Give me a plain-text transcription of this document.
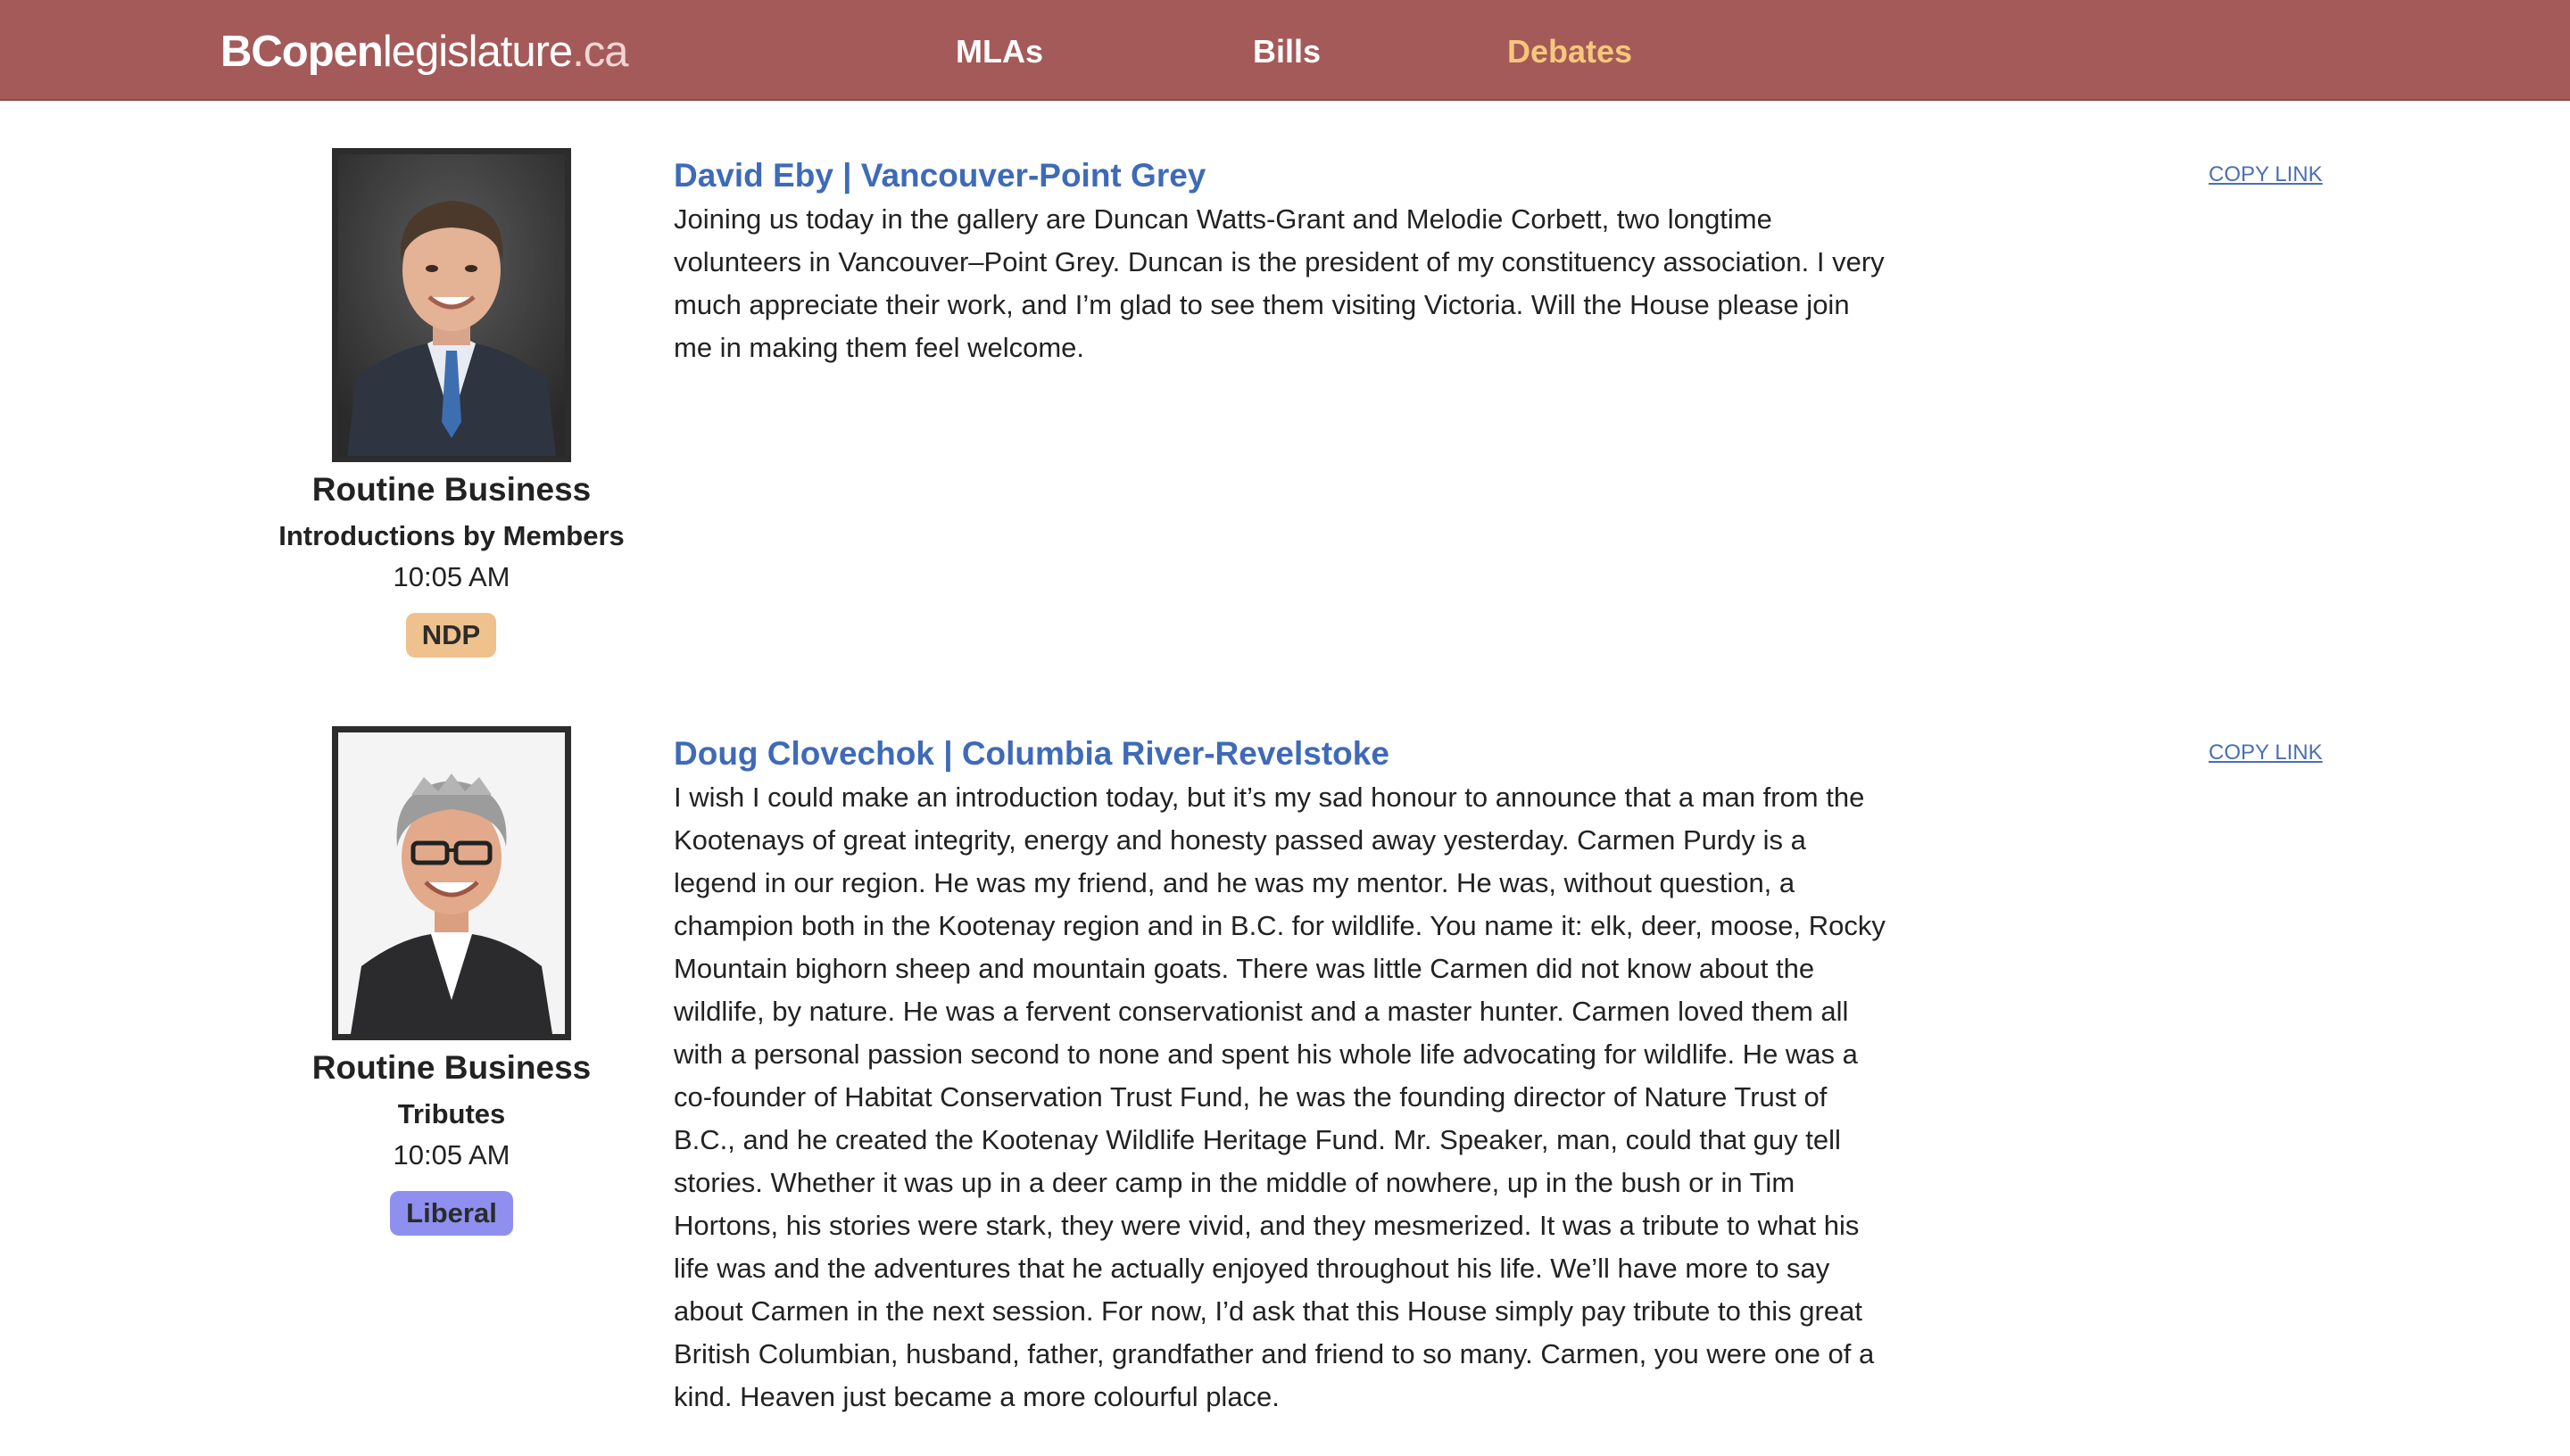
BCopenlegislature.ca	MLAs	Bills	Debates
Routine Business
Introductions by Members
10:05 AM
NDP
David Eby | Vancouver-Point Grey

Joining us today in the gallery are Duncan Watts-Grant and Melodie Corbett, two longtime volunteers in Vancouver–Point Grey. Duncan is the president of my constituency association. I very much appreciate their work, and I’m glad to see them visiting Victoria. Will the House please join me in making them feel welcome.

COPY LINK
Routine Business
Tributes
10:05 AM
Liberal
Doug Clovechok | Columbia River-Revelstoke

I wish I could make an introduction today, but it’s my sad honour to announce that a man from the Kootenays of great integrity, energy and honesty passed away yesterday. Carmen Purdy is a legend in our region. He was my friend, and he was my mentor. He was, without question, a champion both in the Kootenay region and in B.C. for wildlife. You name it: elk, deer, moose, Rocky Mountain bighorn sheep and mountain goats. There was little Carmen did not know about the wildlife, by nature. He was a fervent conservationist and a master hunter. Carmen loved them all with a personal passion second to none and spent his whole life advocating for wildlife. He was a co-founder of Habitat Conservation Trust Fund, he was the founding director of Nature Trust of B.C., and he created the Kootenay Wildlife Heritage Fund. Mr. Speaker, man, could that guy tell stories. Whether it was up in a deer camp in the middle of nowhere, up in the bush or in Tim Hortons, his stories were stark, they were vivid, and they mesmerized. It was a tribute to what his life was and the adventures that he actually enjoyed throughout his life. We’ll have more to say about Carmen in the next session. For now, I’d ask that this House simply pay tribute to this great British Columbian, husband, father, grandfather and friend to so many. Carmen, you were one of a kind. Heaven just became a more colourful place.

COPY LINK
